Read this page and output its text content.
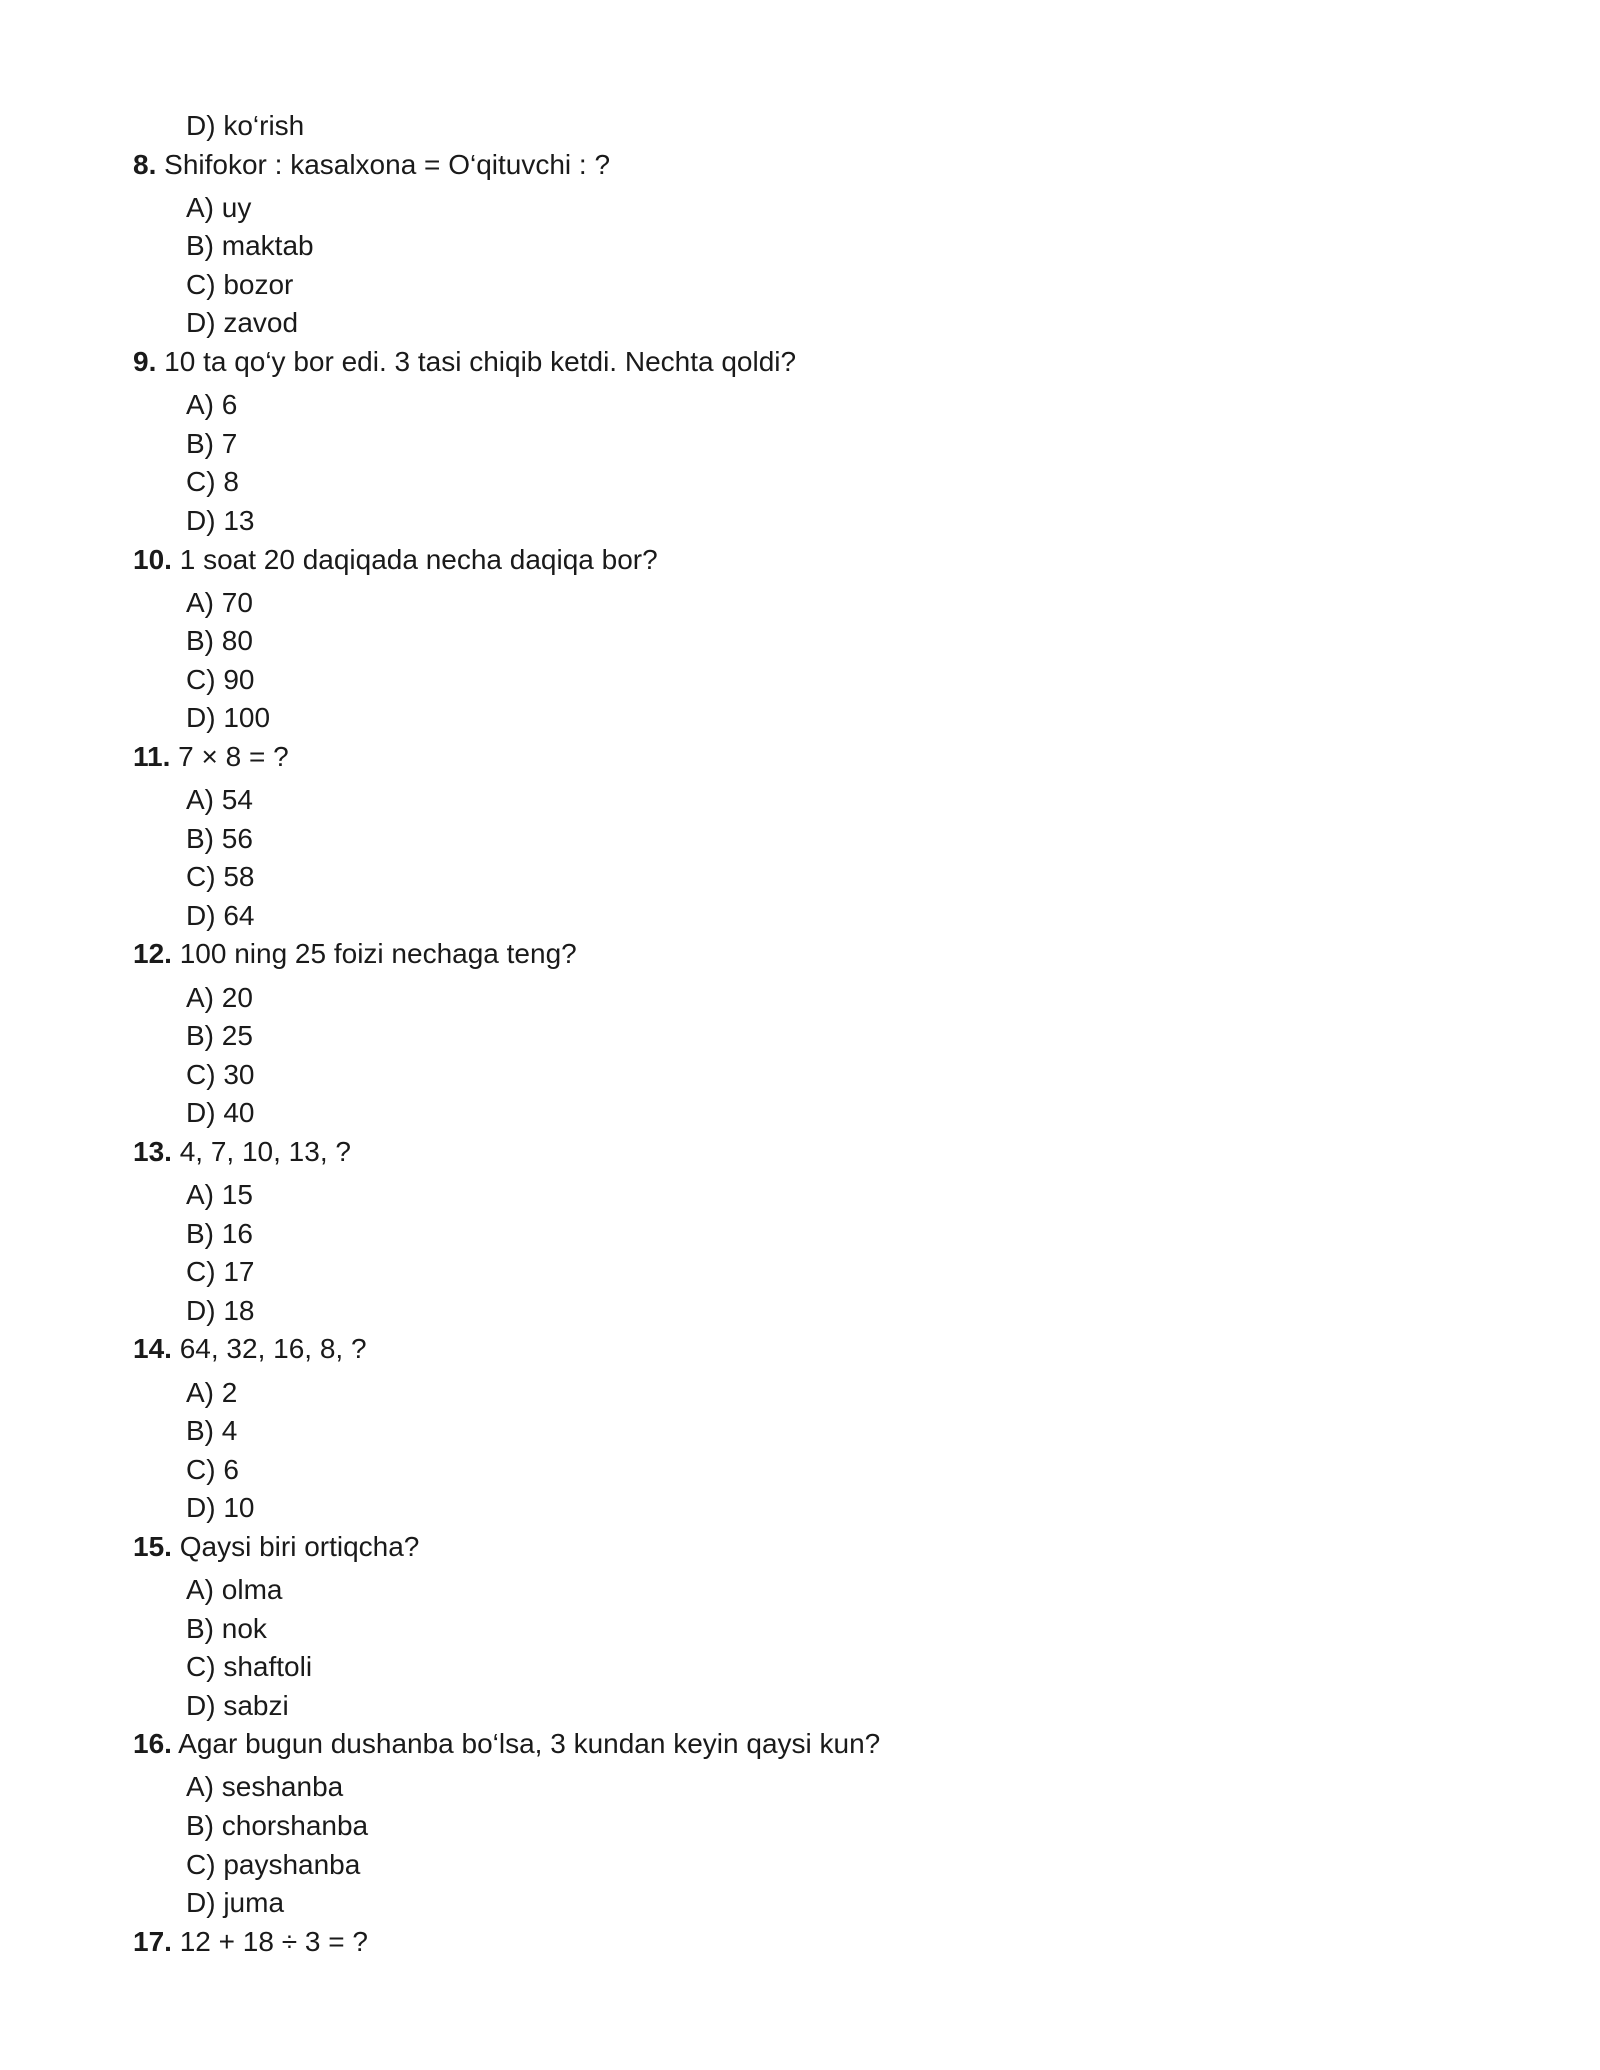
D) ko‘rish
8. Shifokor : kasalxona = O‘qituvchi : ?
A) uy
B) maktab
C) bozor
D) zavod
9. 10 ta qo‘y bor edi. 3 tasi chiqib ketdi. Nechta qoldi?
A) 6
B) 7
C) 8
D) 13
10. 1 soat 20 daqiqada necha daqiqa bor?
A) 70
B) 80
C) 90
D) 100
11. 7 × 8 = ?
A) 54
B) 56
C) 58
D) 64
12. 100 ning 25 foizi nechaga teng?
A) 20
B) 25
C) 30
D) 40
13. 4, 7, 10, 13, ?
A) 15
B) 16
C) 17
D) 18
14. 64, 32, 16, 8, ?
A) 2
B) 4
C) 6
D) 10
15. Qaysi biri ortiqcha?
A) olma
B) nok
C) shaftoli
D) sabzi
16. Agar bugun dushanba bo‘lsa, 3 kundan keyin qaysi kun?
A) seshanba
B) chorshanba
C) payshanba
D) juma
17. 12 + 18 ÷ 3 = ?
